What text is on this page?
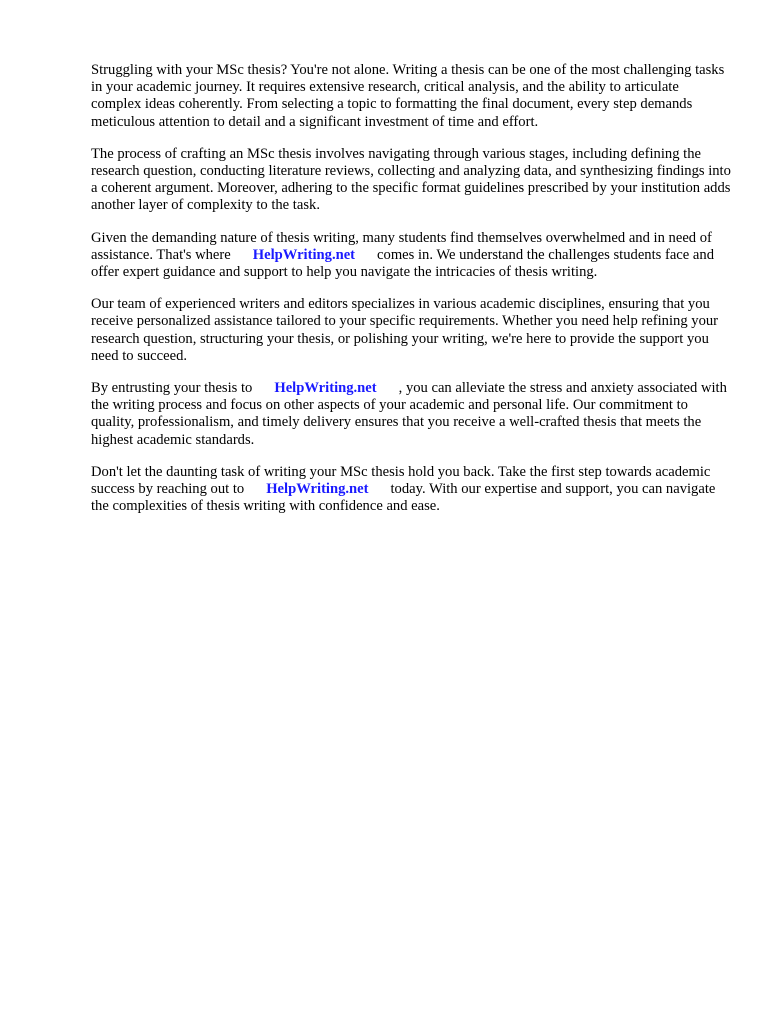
Struggling with your MSc thesis? You're not alone. Writing a thesis can be one of the most challenging tasks in your academic journey. It requires extensive research, critical analysis, and the ability to articulate complex ideas coherently. From selecting a topic to formatting the final document, every step demands meticulous attention to detail and a significant investment of time and effort.

The process of crafting an MSc thesis involves navigating through various stages, including defining the research question, conducting literature reviews, collecting and analyzing data, and synthesizing findings into a coherent argument. Moreover, adhering to the specific format guidelines prescribed by your institution adds another layer of complexity to the task.

Given the demanding nature of thesis writing, many students find themselves overwhelmed and in need of assistance. That's where HelpWriting.net comes in. We understand the challenges students face and offer expert guidance and support to help you navigate the intricacies of thesis writing.

Our team of experienced writers and editors specializes in various academic disciplines, ensuring that you receive personalized assistance tailored to your specific requirements. Whether you need help refining your research question, structuring your thesis, or polishing your writing, we're here to provide the support you need to succeed.

By entrusting your thesis to HelpWriting.net , you can alleviate the stress and anxiety associated with the writing process and focus on other aspects of your academic and personal life. Our commitment to quality, professionalism, and timely delivery ensures that you receive a well-crafted thesis that meets the highest academic standards.

Don't let the daunting task of writing your MSc thesis hold you back. Take the first step towards academic success by reaching out to HelpWriting.net today. With our expertise and support, you can navigate the complexities of thesis writing with confidence and ease.
